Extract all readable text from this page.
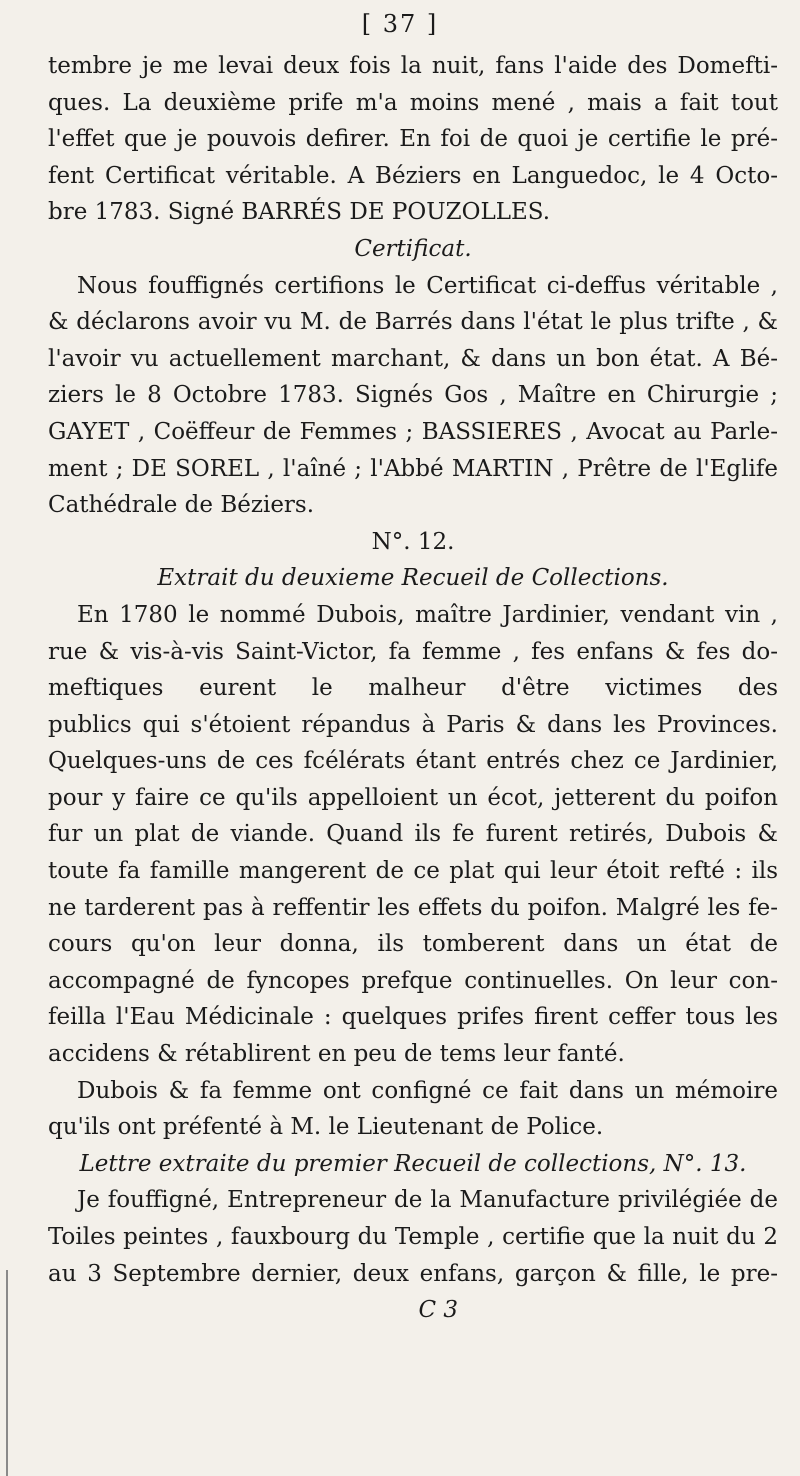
[ 37 ]
tembre je me levai deux fois la nuit, fans l'aide des Domefti-
ques. La deuxième prife m'a moins mené , mais a fait tout
l'effet que je pouvois defirer. En foi de quoi je certifie le pré-
fent Certificat véritable. A Béziers en Languedoc, le 4 Octo-
bre 1783. Signé BARRÉS DE POUZOLLES.
Certificat.
Nous fouffignés certifions le Certificat ci-deffus véritable ,
& déclarons avoir vu M. de Barrés dans l'état le plus trifte , &
l'avoir vu actuellement marchant, & dans un bon état. A Bé-
ziers le 8 Octobre 1783. Signés Gos , Maître en Chirurgie ;
GAYET , Coëffeur de Femmes ; BASSIERES , Avocat au Parle-
ment ; DE SOREL , l'aîné ; l'Abbé MARTIN , Prêtre de l'Eglife
Cathédrale de Béziers.
N°. 12.
Extrait du deuxieme Recueil de Collections.
En 1780 le nommé Dubois, maître Jardinier, vendant vin ,
rue & vis-à-vis Saint-Victor, fa femme , fes enfans & fes do-
meftiques eurent le malheur d'être victimes des
publics qui s'étoient répandus à Paris & dans les Provinces.
Quelques-uns de ces fcélérats étant entrés chez ce Jardinier,
pour y faire ce qu'ils appelloient un écot, jetterent du poifon
fur un plat de viande. Quand ils fe furent retirés, Dubois &
toute fa famille mangerent de ce plat qui leur étoit refté : ils
ne tarderent pas à reffentir les effets du poifon. Malgré les fe-
cours qu'on leur donna, ils tomberent dans un état de
accompagné de fyncopes prefque continuelles. On leur con-
feilla l'Eau Médicinale : quelques prifes firent ceffer tous les
accidens & rétablirent en peu de tems leur fanté.
Dubois & fa femme ont configné ce fait dans un mémoire
qu'ils ont préfenté à M. le Lieutenant de Police.
Lettre extraite du premier Recueil de collections, N°. 13.
Je fouffigné, Entrepreneur de la Manufacture privilégiée de
Toiles peintes , fauxbourg du Temple , certifie que la nuit du 2
au 3 Septembre dernier, deux enfans, garçon & fille, le pre-
C 3
